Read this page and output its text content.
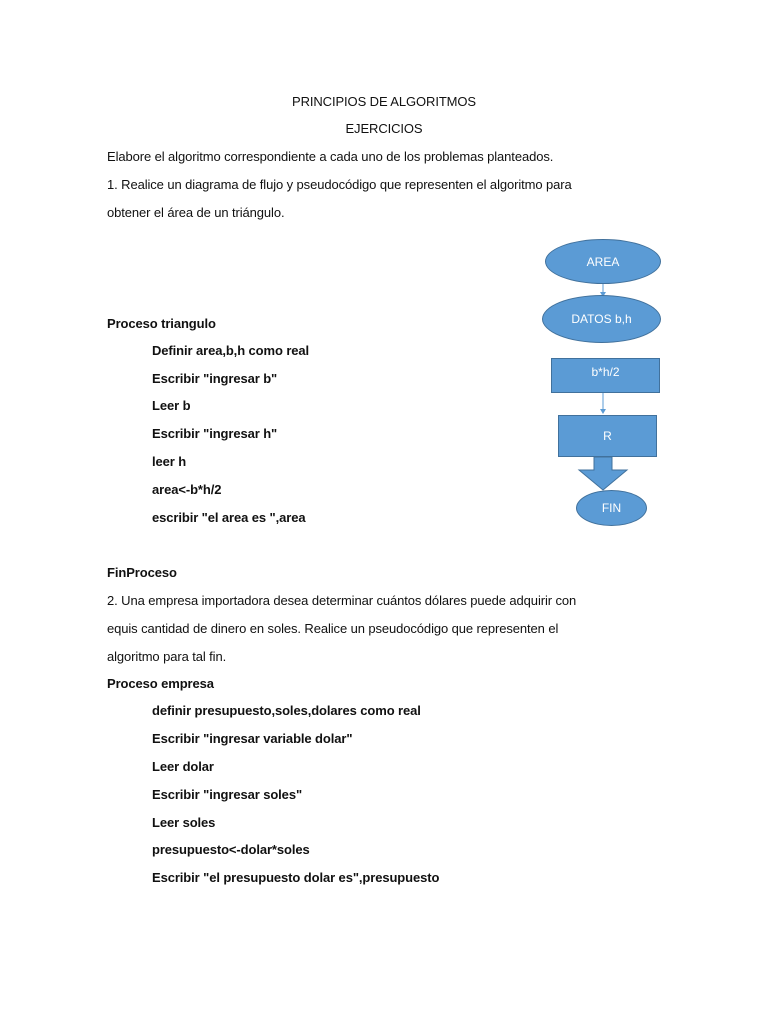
PRINCIPIOS DE ALGORITMOS
EJERCICIOS
Elabore el algoritmo correspondiente a cada uno de los problemas planteados.
1. Realice un diagrama de flujo y pseudocódigo que representen el algoritmo para
obtener el área de un triángulo.
Proceso triangulo
Definir area,b,h como real
Escribir "ingresar b"
Leer b
Escribir "ingresar h"
leer h
area<-b*h/2
escribir "el area es ",area
FinProceso
2. Una empresa importadora desea determinar cuántos dólares puede adquirir con
equis cantidad de dinero en soles. Realice un pseudocódigo que representen el
algoritmo para tal fin.
Proceso empresa
definir presupuesto,soles,dolares como real
Escribir "ingresar variable dolar"
Leer dolar
Escribir "ingresar soles"
Leer soles
presupuesto<-dolar*soles
Escribir "el presupuesto dolar es",presupuesto
AREA
DATOS b,h
b*h/2
R
FIN
